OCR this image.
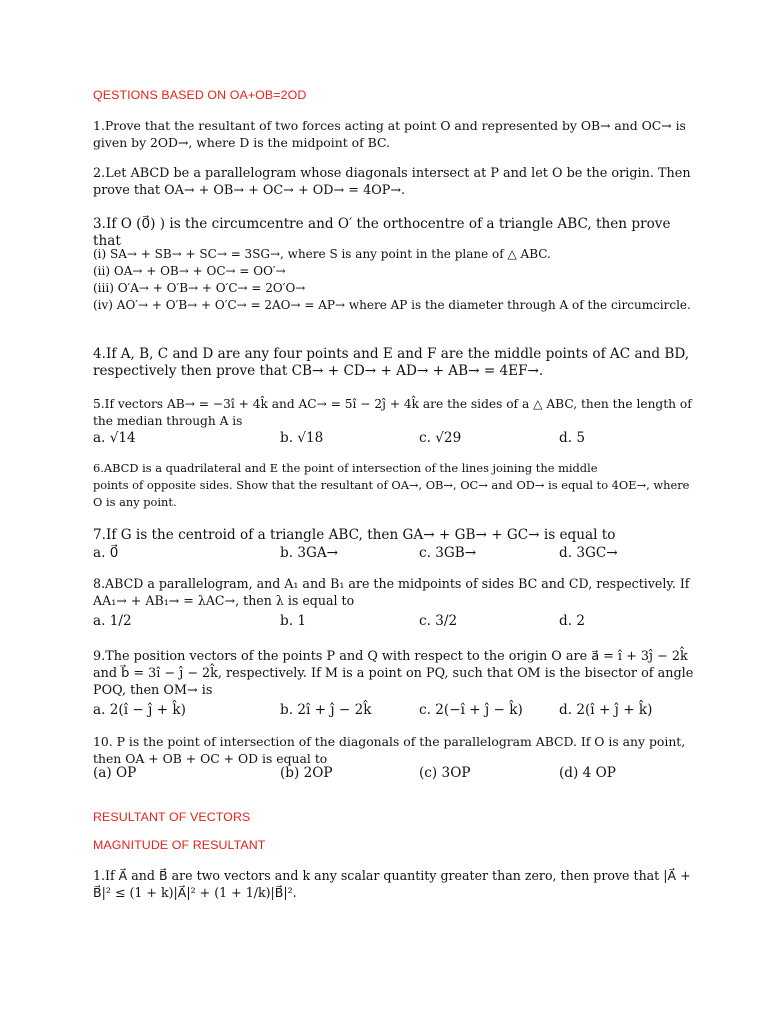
QESTIONS BASED ON OA+OB=2OD
1.Prove that the resultant of two forces acting at point O and represented by OB→ and OC→ is
given by 2OD→, where D is the midpoint of BC.
2.Let ABCD be a parallelogram whose diagonals intersect at P and let O be the origin. Then
prove that OA→ + OB→ + OC→ + OD→ = 4OP→.
3.If O (0⃗) ) is the circumcentre and O′ the orthocentre of a triangle ABC, then prove that
(i) SA→ + SB→ + SC→ = 3SG→, where S is any point in the plane of △ ABC.
(ii) OA→ + OB→ + OC→ = OO′→
(iii) O′A→ + O′B→ + O′C→ = 2O′O→
(iv) AO′→ + O′B→ + O′C→ = 2AO→ = AP→ where AP is the diameter through A of the circumcircle.
4.If A, B, C and D are any four points and E and F are the middle points of AC and BD,
respectively then prove that CB→ + CD→ + AD→ + AB→ = 4EF→.
5.If vectors AB→ = −3î + 4k̂ and AC→ = 5î − 2ĵ + 4k̂ are the sides of a △ ABC, then the length of
the median through A is
a. √14	b. √18	c. √29	d. 5
6.ABCD is a quadrilateral and E the point of intersection of the lines joining the middle
points of opposite sides. Show that the resultant of OA→, OB→, OC→ and OD→ is equal to 4OE→, where
O is any point.
7.If G is the centroid of a triangle ABC, then GA→ + GB→ + GC→ is equal to
a. 0⃗	b. 3GA→	c. 3GB→	d. 3GC→
8.ABCD a parallelogram, and A₁ and B₁ are the midpoints of sides BC and CD, respectively. If
AA₁→ + AB₁→ = λAC→, then λ is equal to
a. 1/2	b. 1	c. 3/2	d. 2
9.The position vectors of the points P and Q with respect to the origin O are a⃗ = î + 3ĵ − 2k̂
and b⃗ = 3î − ĵ − 2k̂, respectively. If M is a point on PQ, such that OM is the bisector of angle
POQ, then OM→ is
a. 2(î − ĵ + k̂)	b. 2î + ĵ − 2k̂	c. 2(−î + ĵ − k̂)	d. 2(î + ĵ + k̂)
10. P is the point of intersection of the diagonals of the parallelogram ABCD. If O is any point,
then OA + OB + OC + OD is equal to
(a) OP	(b) 2OP	(c) 3OP	(d) 4 OP
RESULTANT OF VECTORS
MAGNITUDE OF RESULTANT
1.If A⃗ and B⃗ are two vectors and k any scalar quantity greater than zero, then prove that |A⃗ +
B⃗|² ≤ (1 + k)|A⃗|² + (1 + 1/k)|B⃗|².
